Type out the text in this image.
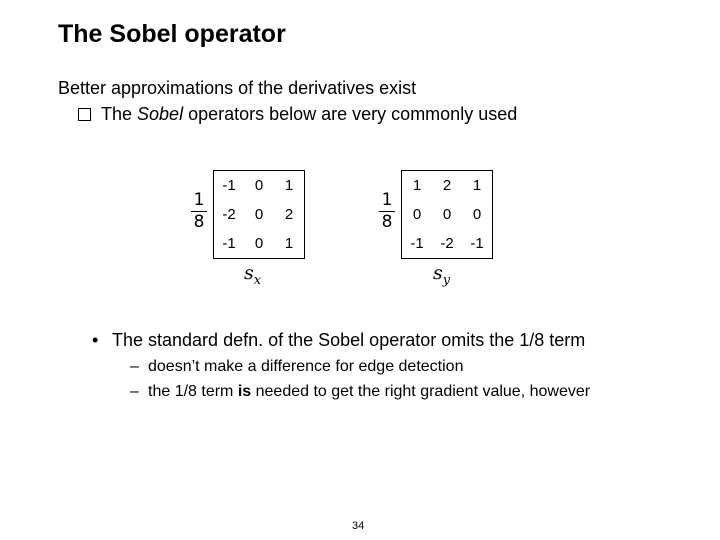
The Sobel operator
Better approximations of the derivatives exist
The Sobel operators below are very commonly used
1
8
-1	0	1
-2	0	2
-1	0	1
$s_x$
1
8
1	2	1
0	0	0
-1	-2	-1
$s_y$
• The standard defn. of the Sobel operator omits the 1/8 term
– doesn’t make a difference for edge detection
– the 1/8 term is needed to get the right gradient value, however
34
